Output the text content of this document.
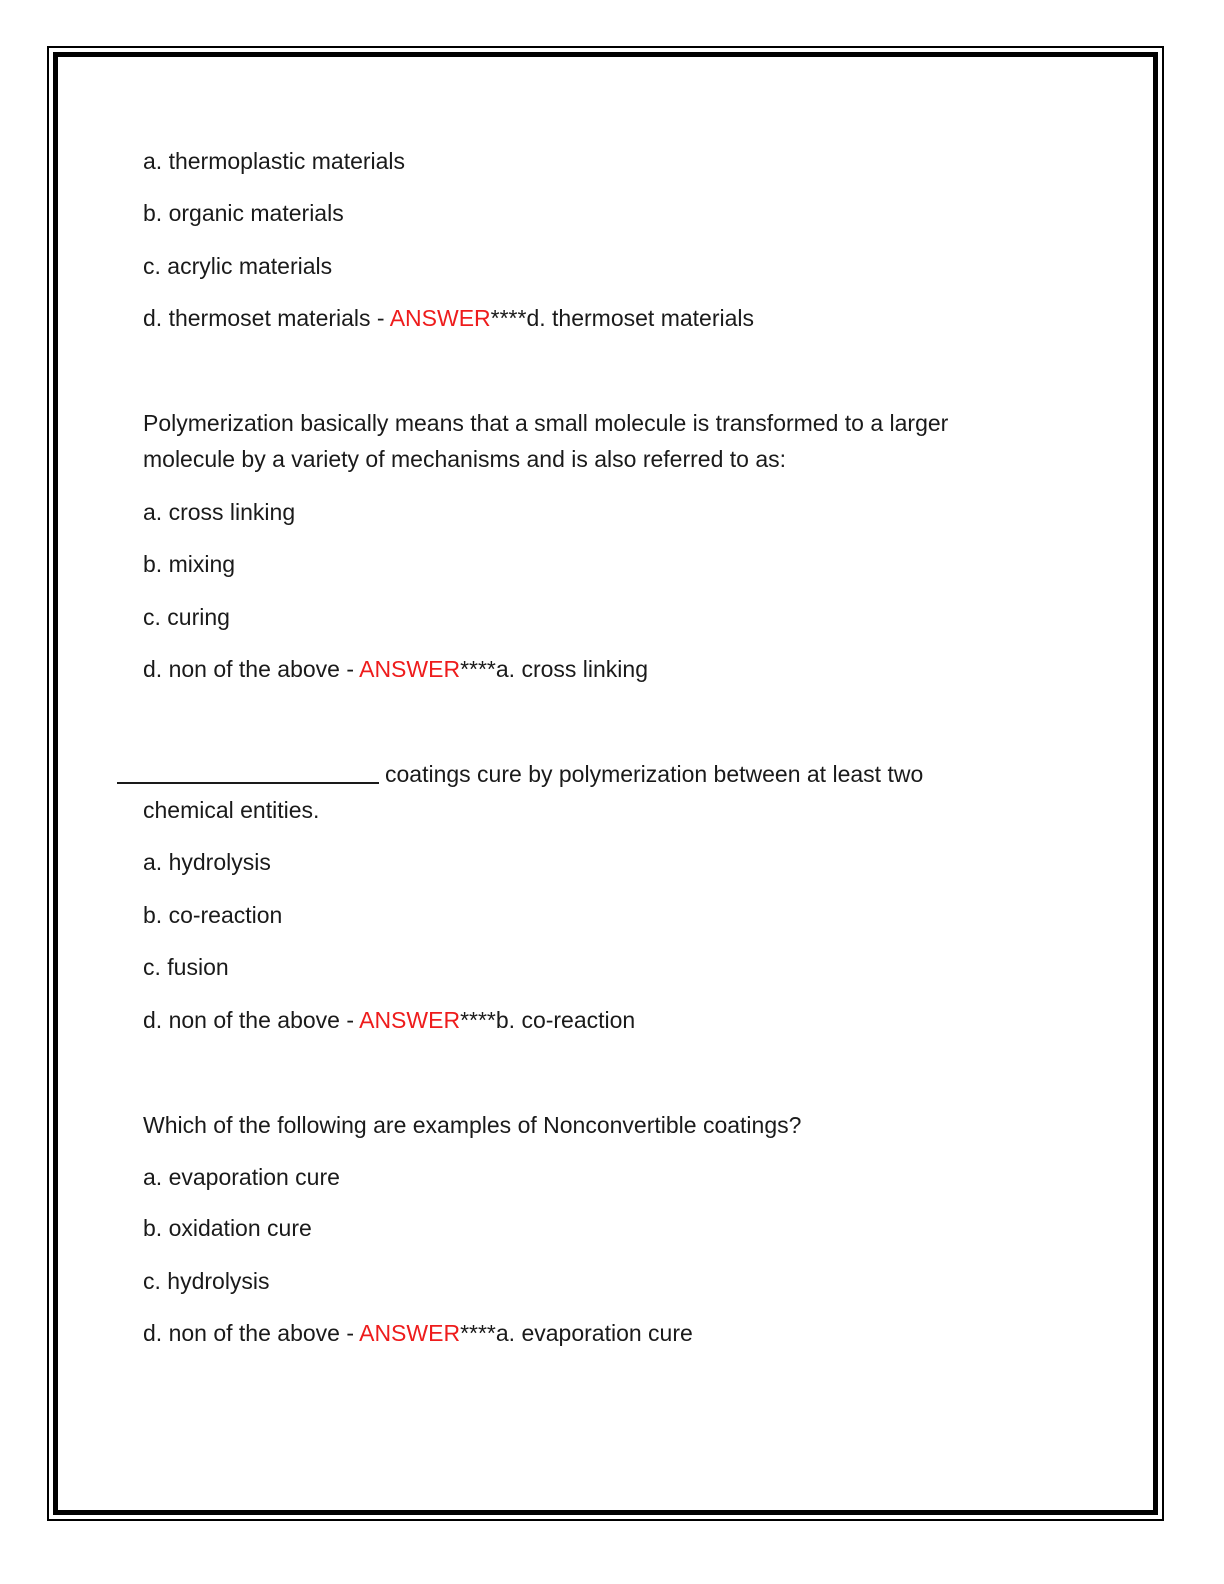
a. thermoplastic materials
b. organic materials
c. acrylic materials
d. thermoset materials - ANSWER****d. thermoset materials
Polymerization basically means that a small molecule is transformed to a larger
molecule by a variety of mechanisms and is also referred to as:
a. cross linking
b. mixing
c. curing
d. non of the above - ANSWER****a. cross linking
coatings cure by polymerization between at least two
chemical entities.
a. hydrolysis
b. co-reaction
c. fusion
d. non of the above - ANSWER****b. co-reaction
Which of the following are examples of Nonconvertible coatings?
a. evaporation cure
b. oxidation cure
c. hydrolysis
d. non of the above - ANSWER****a. evaporation cure
